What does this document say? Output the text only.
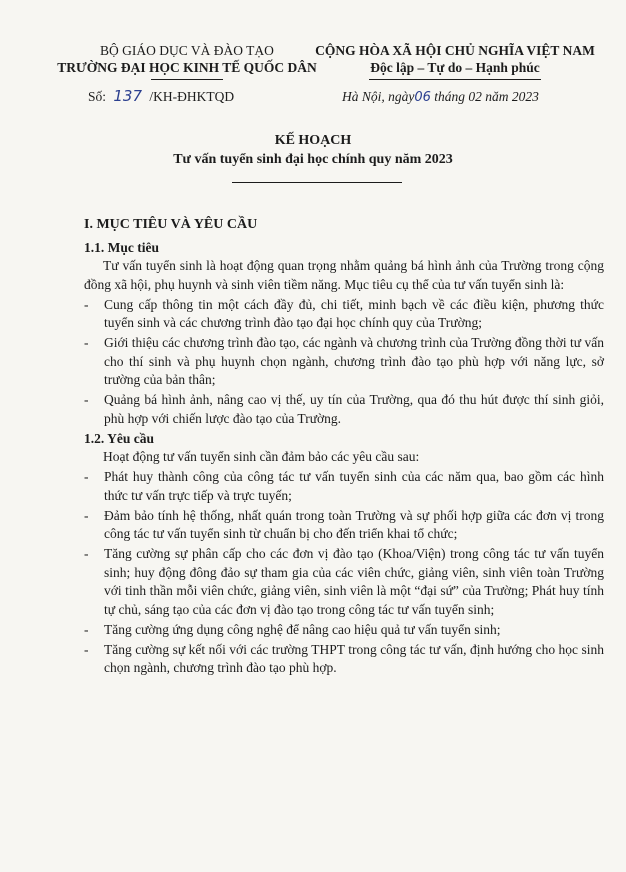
BỘ GIÁO DỤC VÀ ĐÀO TẠO
TRƯỜNG ĐẠI HỌC KINH TẾ QUỐC DÂN
CỘNG HÒA XÃ HỘI CHỦ NGHĨA VIỆT NAM
Độc lập – Tự do – Hạnh phúc
Số: 137 /KH-ĐHKTQD	Hà Nội, ngày06 tháng 02 năm 2023
KẾ HOẠCH
Tư vấn tuyển sinh đại học chính quy năm 2023

I. MỤC TIÊU VÀ YÊU CẦU

1.1. Mục tiêu

Tư vấn tuyển sinh là hoạt động quan trọng nhằm quảng bá hình ảnh của Trường trong cộng đồng xã hội, phụ huynh và sinh viên tiềm năng. Mục tiêu cụ thể của tư vấn tuyển sinh là:

- Cung cấp thông tin một cách đầy đủ, chi tiết, minh bạch về các điều kiện, phương thức tuyển sinh và các chương trình đào tạo đại học chính quy của Trường;
- Giới thiệu các chương trình đào tạo, các ngành và chương trình của Trường đồng thời tư vấn cho thí sinh và phụ huynh chọn ngành, chương trình đào tạo phù hợp với năng lực, sở trường của bản thân;
- Quảng bá hình ảnh, nâng cao vị thế, uy tín của Trường, qua đó thu hút được thí sinh giỏi, phù hợp với chiến lược đào tạo của Trường.

1.2. Yêu cầu

Hoạt động tư vấn tuyển sinh cần đảm bảo các yêu cầu sau:

- Phát huy thành công của công tác tư vấn tuyển sinh của các năm qua, bao gồm các hình thức tư vấn trực tiếp và trực tuyến;
- Đảm bảo tính hệ thống, nhất quán trong toàn Trường và sự phối hợp giữa các đơn vị trong công tác tư vấn tuyển sinh từ chuẩn bị cho đến triển khai tổ chức;
- Tăng cường sự phân cấp cho các đơn vị đào tạo (Khoa/Viện) trong công tác tư vấn tuyển sinh; huy động đông đảo sự tham gia của các viên chức, giảng viên, sinh viên toàn Trường với tinh thần mỗi viên chức, giảng viên, sinh viên là một “đại sứ” của Trường; Phát huy tính tự chủ, sáng tạo của các đơn vị đào tạo trong công tác tư vấn tuyển sinh;
- Tăng cường ứng dụng công nghệ để nâng cao hiệu quả tư vấn tuyển sinh;
- Tăng cường sự kết nối với các trường THPT trong công tác tư vấn, định hướng cho học sinh chọn ngành, chương trình đào tạo phù hợp.
